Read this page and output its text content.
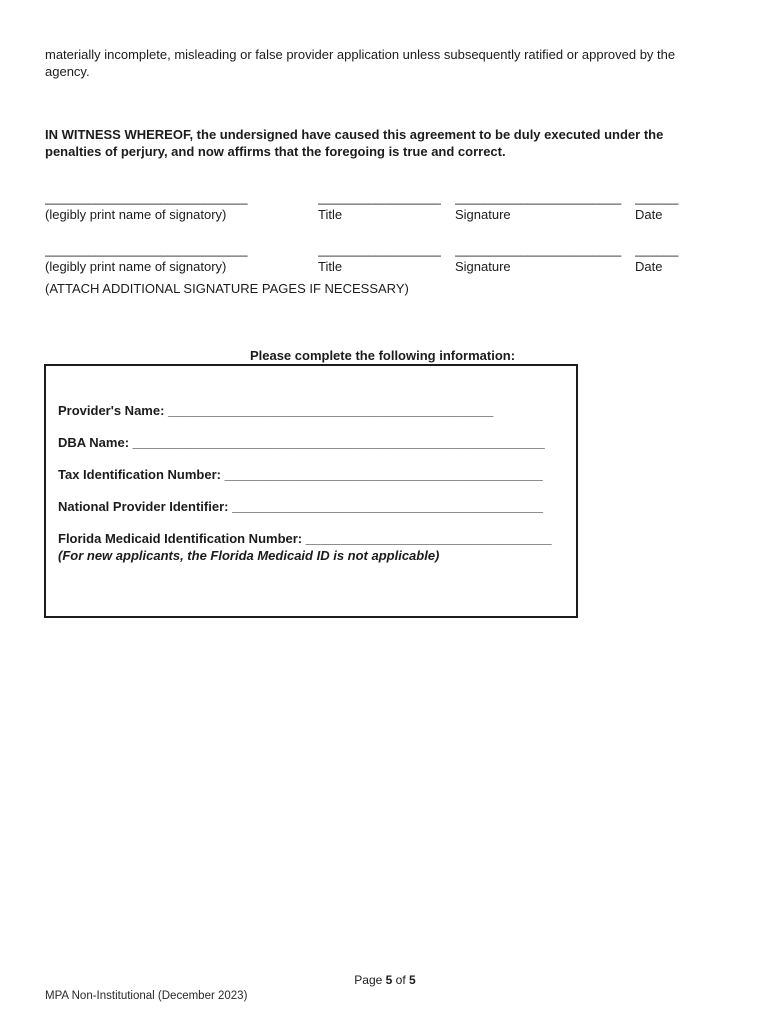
materially incomplete, misleading or false provider application unless subsequently ratified or approved by the agency.

IN WITNESS WHEREOF, the undersigned have caused this agreement to be duly executed under the penalties of perjury, and now affirms that the foregoing is true and correct.

____________________________
(legibly print name of signatory)
_________________
Title
_______________________
Signature
______
Date
____________________________
(legibly print name of signatory)
_________________
Title
_______________________
Signature
______
Date
(ATTACH ADDITIONAL SIGNATURE PAGES IF NECESSARY)
Please complete the following information:
Provider's Name: _____________________________________________
DBA Name: _________________________________________________________
Tax Identification Number: ____________________________________________
National Provider Identifier: ___________________________________________
Florida Medicaid Identification Number: __________________________________
(For new applicants, the Florida Medicaid ID is not applicable)
Page 5 of 5
MPA Non-Institutional (December 2023)
